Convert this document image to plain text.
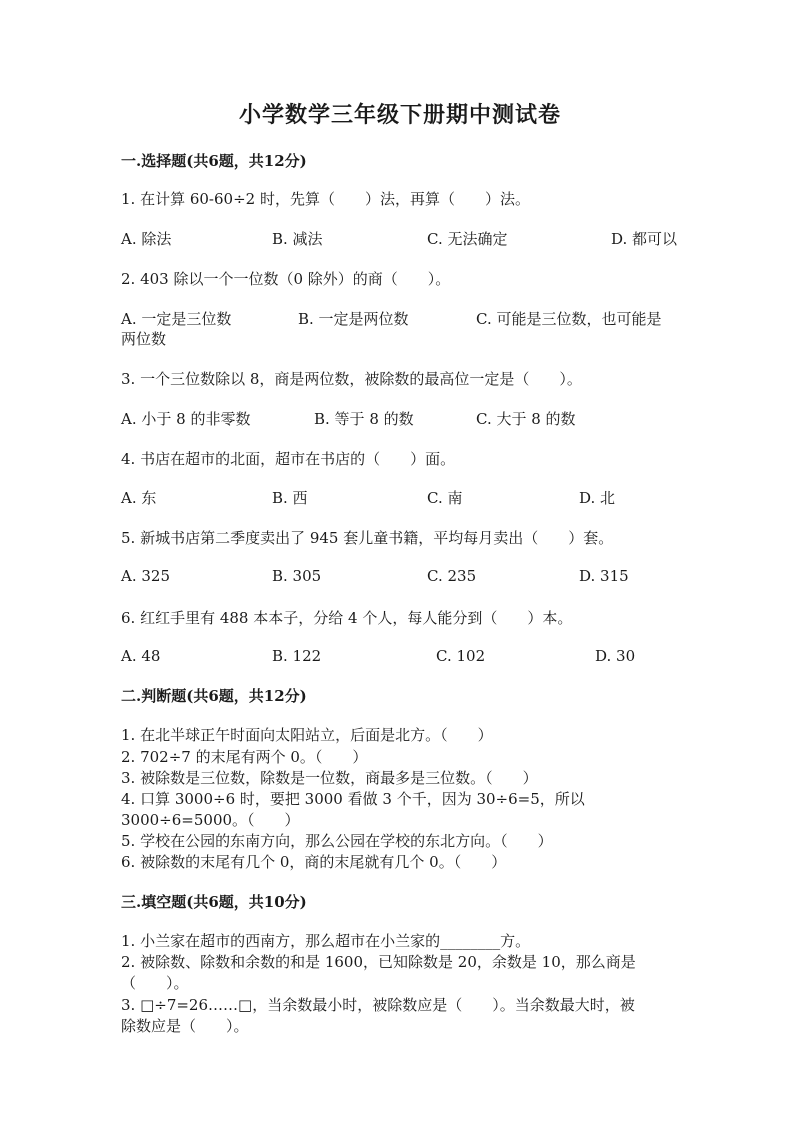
小学数学三年级下册期中测试卷
一.选择题(共6题，共12分)
1. 在计算 60-60÷2 时，先算（　　）法，再算（　　）法。
A. 除法	B. 减法	C. 无法确定	D. 都可以
2. 403 除以一个一位数（0 除外）的商（　　）。
A. 一定是三位数	B. 一定是两位数	C. 可能是三位数，也可能是
两位数
3. 一个三位数除以 8，商是两位数，被除数的最高位一定是（　　）。
A. 小于 8 的非零数	B. 等于 8 的数	C. 大于 8 的数
4. 书店在超市的北面，超市在书店的（　　）面。
A. 东	B. 西	C. 南	D. 北
5. 新城书店第二季度卖出了 945 套儿童书籍，平均每月卖出（　　）套。
A. 325	B. 305	C. 235	D. 315
6. 红红手里有 488 本本子，分给 4 个人，每人能分到（　　）本。
A. 48	B. 122	C. 102	D. 30
二.判断题(共6题，共12分)
1. 在北半球正午时面向太阳站立，后面是北方。（　　）
2. 702÷7 的末尾有两个 0。（　　）
3. 被除数是三位数，除数是一位数，商最多是三位数。（　　）
4. 口算 3000÷6 时，要把 3000 看做 3 个千，因为 30÷6=5，所以
3000÷6=5000。（　　）
5. 学校在公园的东南方向，那么公园在学校的东北方向。（　　）
6. 被除数的末尾有几个 0，商的末尾就有几个 0。（　　）
三.填空题(共6题，共10分)
1. 小兰家在超市的西南方，那么超市在小兰家的________方。
2. 被除数、除数和余数的和是 1600，已知除数是 20，余数是 10，那么商是
（　　）。
3. □÷7=26……□，当余数最小时，被除数应是（　　）。当余数最大时，被
除数应是（　　）。
